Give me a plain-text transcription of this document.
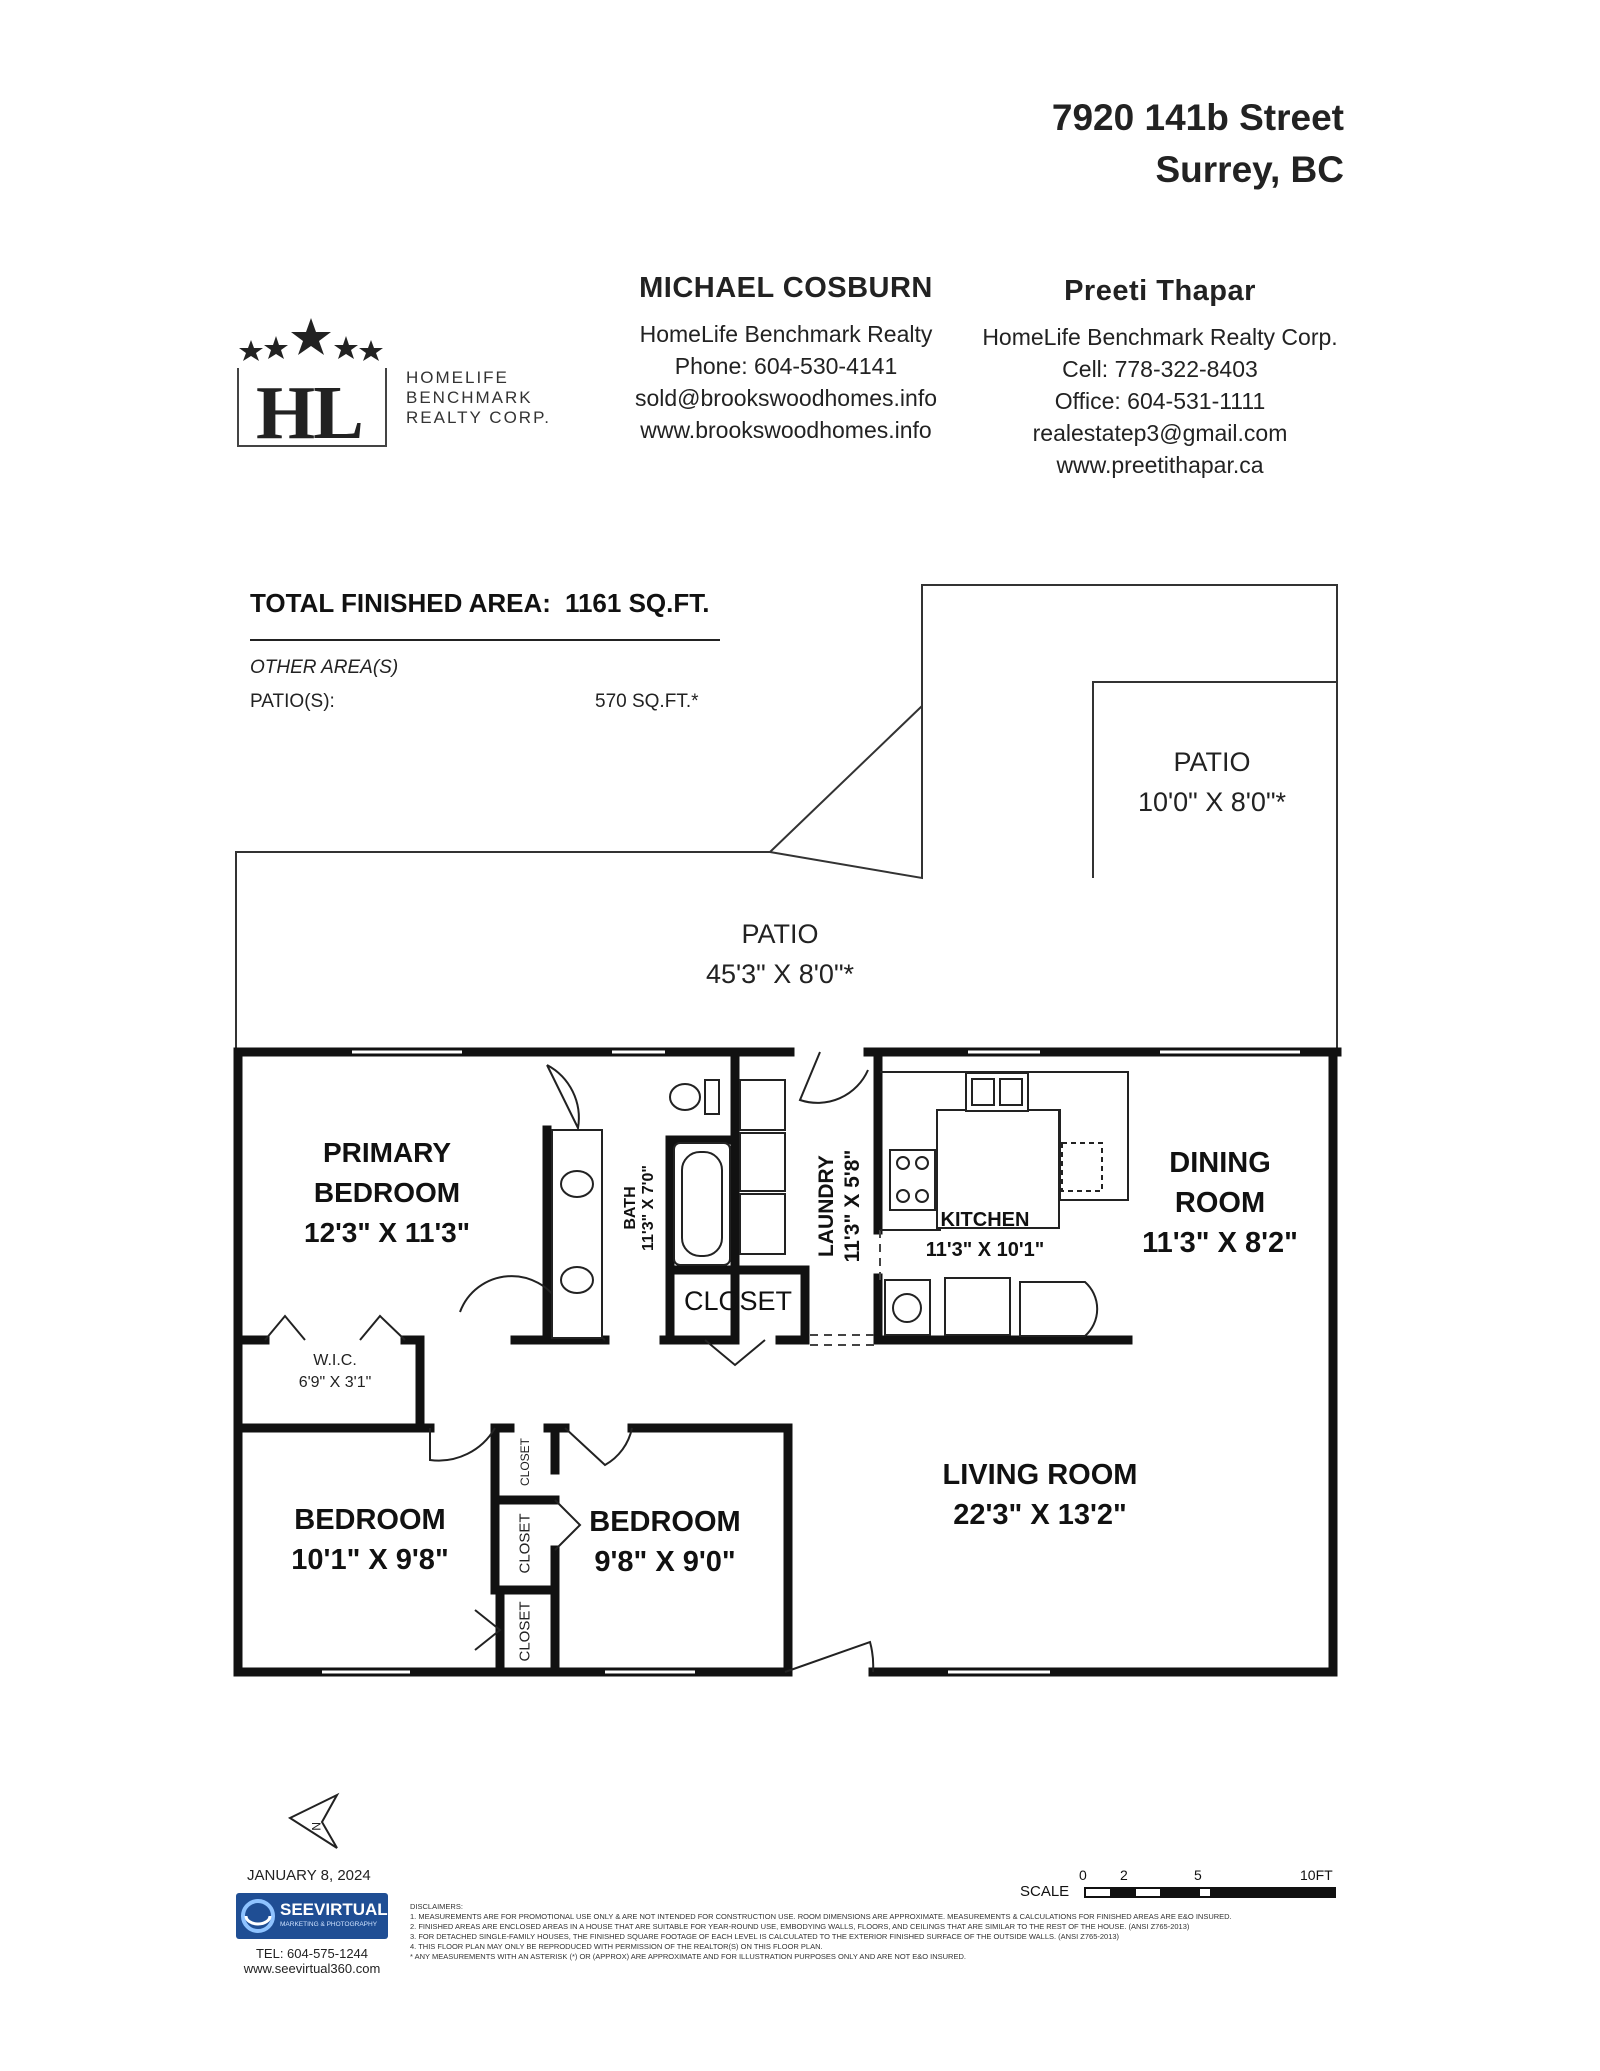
7920 141b Street
Surrey, BC
HL	HOMELIFE
BENCHMARK
REALTY CORP.
MICHAEL COSBURN
HomeLife Benchmark Realty
Phone: 604-530-4141
sold@brookswoodhomes.info
www.brookswoodhomes.info
Preeti Thapar
HomeLife Benchmark Realty Corp.
Cell: 778-322-8403
Office: 604-531-1111
realestatep3@gmail.com
www.preetithapar.ca
TOTAL FINISHED AREA: 1161 SQ.FT.
OTHER AREA(S)
PATIO(S):	570 SQ.FT.*
N
PATIO
10'0" X 8'0"*
PATIO
45'3" X 8'0"*
PRIMARY
BEDROOM
12'3" X 11'3"
BATH 11'3" X 7'0"	LAUNDRY 11'3" X 5'8"	KITCHEN
11'3" X 10'1"
DINING
ROOM
11'3" X 8'2"
CLOSET
W.I.C.
6'9" X 3'1"
LIVING ROOM
22'3" X 13'2"
BEDROOM
10'1" X 9'8"
BEDROOM
9'8" X 9'0"
CLOSET
CLOSET
CLOSET
JANUARY 8, 2024
SEEVIRTUAL
MARKETING & PHOTOGRAPHY
TEL: 604-575-1244
www.seevirtual360.com
DISCLAIMERS:
1. MEASUREMENTS ARE FOR PROMOTIONAL USE ONLY & ARE NOT INTENDED FOR CONSTRUCTION USE. ROOM DIMENSIONS ARE APPROXIMATE. MEASUREMENTS & CALCULATIONS FOR FINISHED AREAS ARE E&O INSURED.
2. FINISHED AREAS ARE ENCLOSED AREAS IN A HOUSE THAT ARE SUITABLE FOR YEAR-ROUND USE, EMBODYING WALLS, FLOORS, AND CEILINGS THAT ARE SIMILAR TO THE REST OF THE HOUSE. (ANSI Z765-2013)
3. FOR DETACHED SINGLE-FAMILY HOUSES, THE FINISHED SQUARE FOOTAGE OF EACH LEVEL IS CALCULATED TO THE EXTERIOR FINISHED SURFACE OF THE OUTSIDE WALLS. (ANSI Z765-2013)
4. THIS FLOOR PLAN MAY ONLY BE REPRODUCED WITH PERMISSION OF THE REALTOR(S) ON THIS FLOOR PLAN.
* ANY MEASUREMENTS WITH AN ASTERISK (*) OR (APPROX) ARE APPROXIMATE AND FOR ILLUSTRATION PURPOSES ONLY AND ARE NOT E&O INSURED.
SCALE
0 2	5	10FT
